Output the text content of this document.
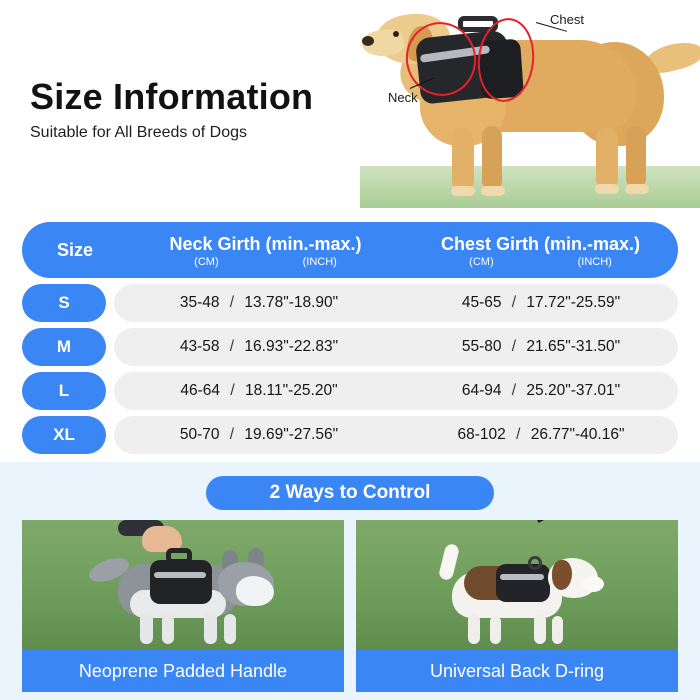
Neck
Chest
Size Information
Suitable for All Breeds of Dogs
Size	Neck Girth (min.-max.)
(CM)	(INCH)
Chest Girth (min.-max.)
(CM)	(INCH)
S	35-48 / 13.78"-18.90"	45-65 / 17.72"-25.59"
M	43-58 / 16.93"-22.83"	55-80 / 21.65"-31.50"
L	46-64 / 18.11"-25.20"	64-94 / 25.20"-37.01"
XL	50-70 / 19.69"-27.56"	68-102 / 26.77"-40.16"
2 Ways to Control
Neoprene Padded Handle	Universal Back D-ring
